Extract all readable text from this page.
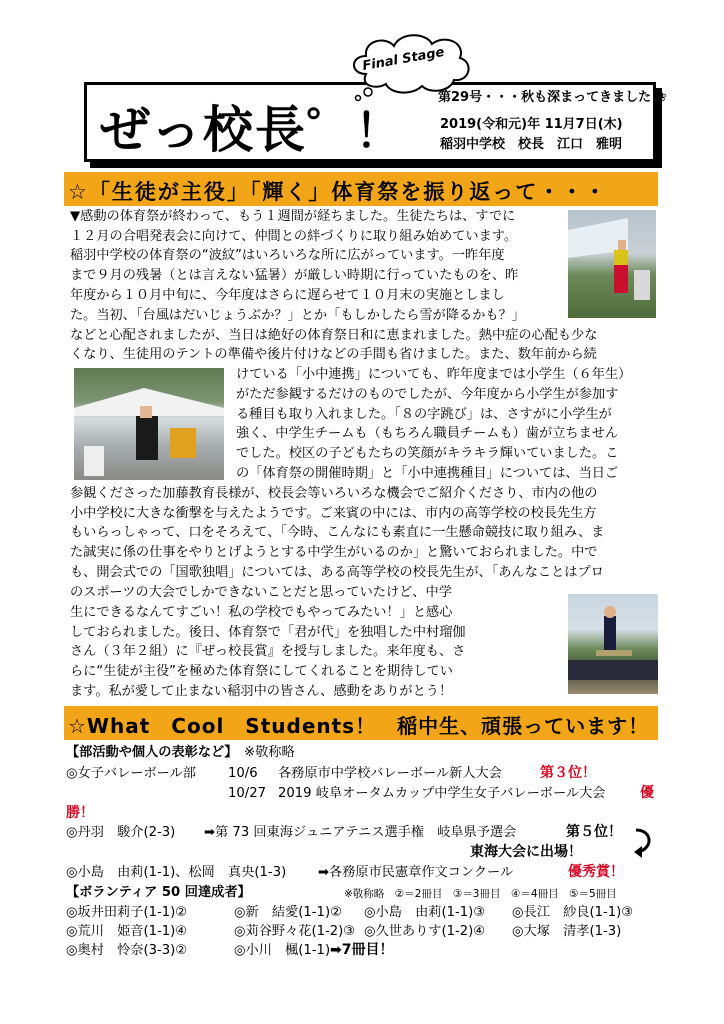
ぜっ校長゜！
Final Stage
第29号・・・秋も深まってきました ❀
2019(令和元)年 11月7日(木)
稲羽中学校　校長　江口　雅明
☆「生徒が主役」「輝く」体育祭を振り返って・・・
▼感動の体育祭が終わって、もう１週間が経ちました。生徒たちは、すでに
１２月の合唱発表会に向けて、仲間との絆づくりに取り組み始めています。
稲羽中学校の体育祭の“波紋”はいろいろな所に広がっています。一昨年度
まで９月の残暑（とは言えない猛暑）が厳しい時期に行っていたものを、昨
年度から１０月中旬に、今年度はさらに遅らせて１０月末の実施としまし
た。当初、「台風はだいじょうぶか？」とか「もしかしたら雪が降るかも？」
などと心配されましたが、当日は絶好の体育祭日和に恵まれました。熱中症の心配も少な
くなり、生徒用のテントの準備や後片付けなどの手間も省けました。また、数年前から続
けている「小中連携」についても、昨年度までは小学生（６年生）
がただ参観するだけのものでしたが、今年度から小学生が参加す
る種目も取り入れました。「８の字跳び」は、さすがに小学生が
強く、中学生チームも（もちろん職員チームも）歯が立ちません
でした。校区の子どもたちの笑顔がキラキラ輝いていました。こ
の「体育祭の開催時期」と「小中連携種目」については、当日ご
参観くださった加藤教育長様が、校長会等いろいろな機会でご紹介くださり、市内の他の
小中学校に大きな衝撃を与えたようです。ご来賓の中には、市内の高等学校の校長先生方
もいらっしゃって、口をそろえて、「今時、こんなにも素直に一生懸命競技に取り組み、ま
た誠実に係の仕事をやりとげようとする中学生がいるのか」と驚いておられました。中で
も、開会式での「国歌独唱」については、ある高等学校の校長先生が、「あんなことはプロ
のスポーツの大会でしかできないことだと思っていたけど、中学
生にできるなんてすごい！私の学校でもやってみたい！」と感心
しておられました。後日、体育祭で「君が代」を独唱した中村瑠伽
さん（３年２組）に『ぜっ校長賞』を授与しました。来年度も、さ
らに“生徒が主役”を極めた体育祭にしてくれることを期待してい
ます。私が愛して止まない稲羽中の皆さん、感動をありがとう！
☆What　Cool　Students！　稲中生、頑張っています！
【部活動や個人の表彰など】　 ※敬称略
◎女子バレーボール部 10/6 各務原市中学校バレーボール新人大会	第３位！
10/27 2019 岐阜オータムカップ中学生女子バレーボール大会 優
勝！
◎丹羽　駿介(2-3) ➡第 73 回東海ジュニアテニス選手権　岐阜県予選会	第５位！
東海大会に出場！
◎小島　由莉(1-1)、松岡　真央(1-3) ➡各務原市民憲章作文コンクール	優秀賞！
【ボランティア 50 回達成者】	※敬称略　②＝2冊目　③＝3冊目　④＝4冊目　⑤＝5冊目
◎坂井田莉子(1-1)②	◎新　結愛(1-1)② ◎小島　由莉(1-1)③ ◎長江　紗良(1-1)③
◎荒川　姫音(1-1)④	◎苅谷野々花(1-2)③ ◎久世ありす(1-2)④ ◎大塚　清孝(1-3)
◎奥村　怜奈(3-3)②	◎小川　楓(1-1) ➡7冊目！
